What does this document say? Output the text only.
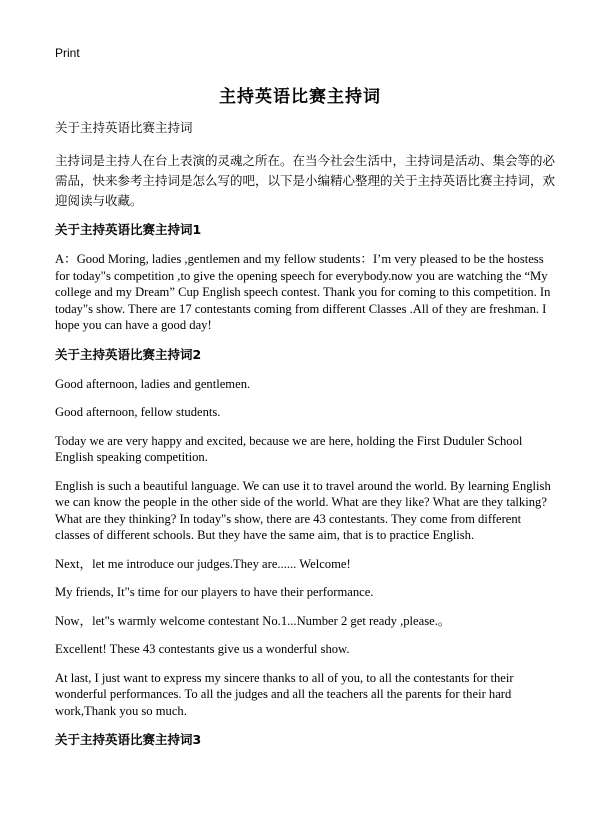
Print
主持英语比赛主持词

关于主持英语比赛主持词

主持词是主持人在台上表演的灵魂之所在。在当今社会生活中，主持词是活动、集会等的必需品，快来参考主持词是怎么写的吧，以下是小编精心整理的关于主持英语比赛主持词，欢迎阅读与收藏。

关于主持英语比赛主持词1

A：Good Moring, ladies ,gentlemen and my fellow students：I’m very pleased to be the hostess for today"s competition ,to give the opening speech for everybody.now you are watching the “My college and my Dream” Cup English speech contest. Thank you for coming to this competition. In today"s show. There are 17 contestants coming from different Classes .All of they are freshman. I hope you can have a good day!

关于主持英语比赛主持词2

Good afternoon, ladies and gentlemen.

Good afternoon, fellow students.

Today we are very happy and excited, because we are here, holding the First Duduler School English speaking competition.

English is such a beautiful language. We can use it to travel around the world. By learning English we can know the people in the other side of the world. What are they like? What are they talking? What are they thinking? In today"s show, there are 43 contestants. They come from different classes of different schools. But they have the same aim, that is to practice English.

Next，let me introduce our judges.They are...... Welcome!

My friends, It"s time for our players to have their performance.

Now，let"s warmly welcome contestant No.1...Number 2 get ready ,please.。

Excellent! These 43 contestants give us a wonderful show.

At last, I just want to express my sincere thanks to all of you, to all the contestants for their wonderful performances. To all the judges and all the teachers all the parents for their hard work,Thank you so much.

关于主持英语比赛主持词3
